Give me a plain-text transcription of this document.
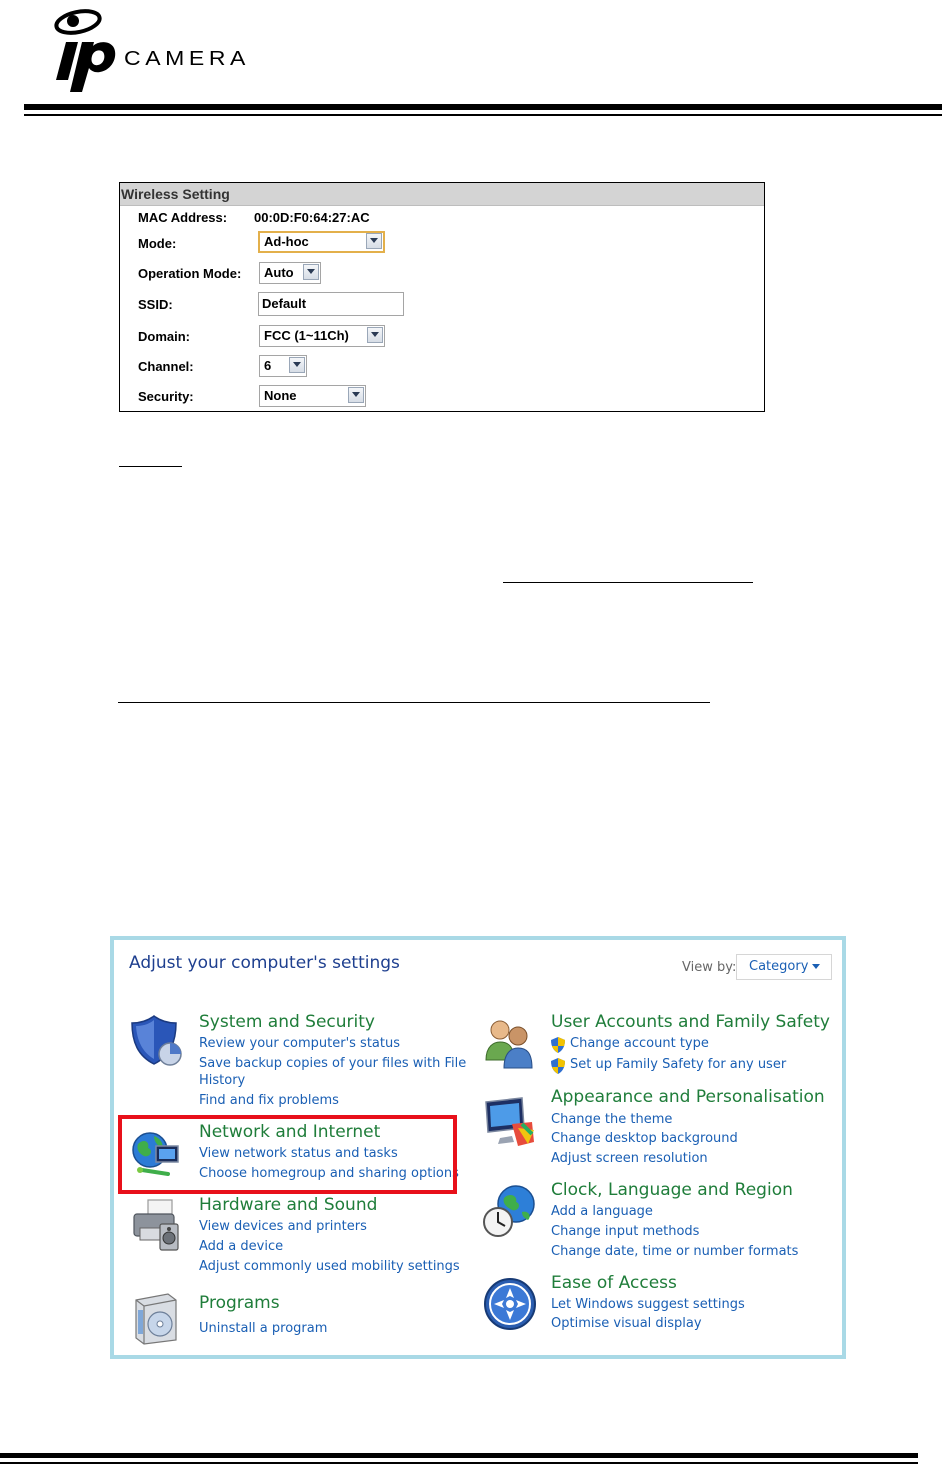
CAMERA
Wireless Setting
MAC Address: 00:0D:F0:64:27:AC
Mode:	Ad-hoc
Operation Mode:	Auto
SSID:	Default
Domain:	FCC (1~11Ch)
Channel:	6
Security:	None
Adjust your computer's settings	View by: Category
System and Security
Review your computer's status
Save backup copies of your files with File
History
Find and fix problems
Network and Internet
View network status and tasks
Choose homegroup and sharing options
Hardware and Sound
View devices and printers
Add a device
Adjust commonly used mobility settings
Programs
Uninstall a program
User Accounts and Family Safety
Change account type
Set up Family Safety for any user
Appearance and Personalisation
Change the theme
Change desktop background
Adjust screen resolution
Clock, Language and Region
Add a language
Change input methods
Change date, time or number formats
Ease of Access
Let Windows suggest settings
Optimise visual display
